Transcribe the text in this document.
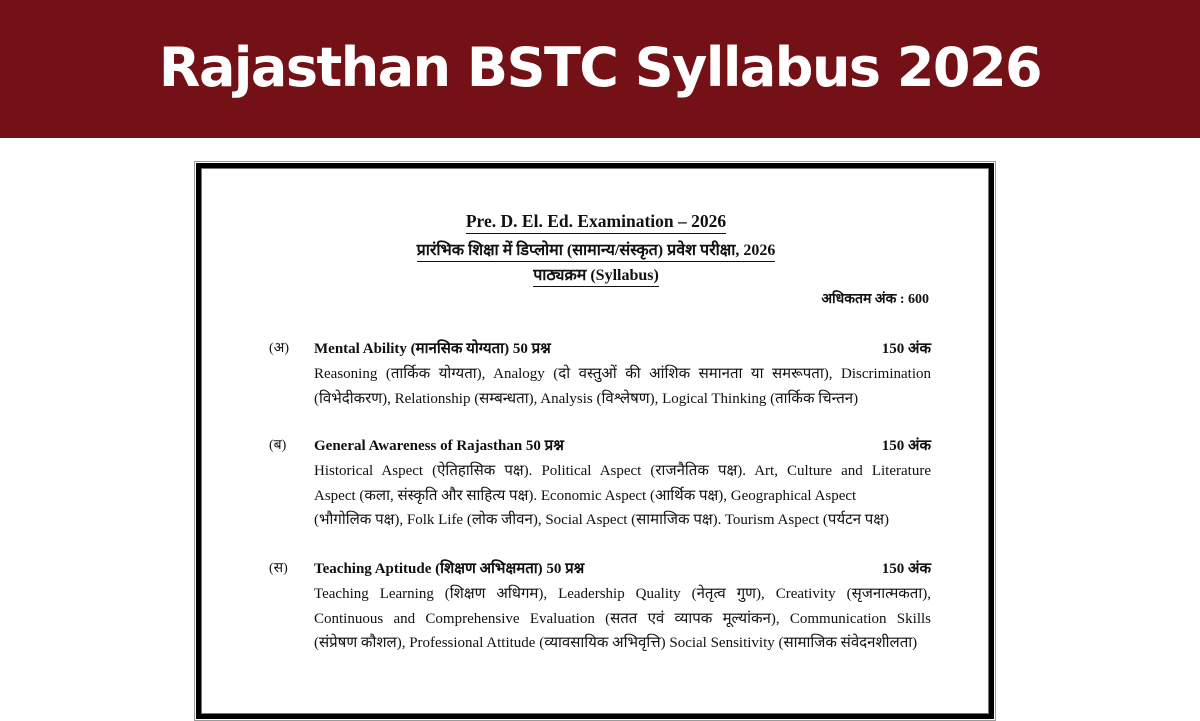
Rajasthan BSTC Syllabus 2026
Pre. D. El. Ed. Examination – 2026
प्रारंभिक शिक्षा में डिप्लोमा (सामान्य/संस्कृत) प्रवेश परीक्षा, 2026
पाठ्यक्रम (Syllabus)
अधिकतम अंक : 600
(अ) Mental Ability (मानसिक योग्यता) 50 प्रश्न	150 अंक
Reasoning (तार्किक योग्यता), Analogy (दो वस्तुओं की आंशिक समानता या समरूपता), Discrimination
(विभेदीकरण), Relationship (सम्बन्धता), Analysis (विश्लेषण), Logical Thinking (तार्किक चिन्तन)
(ब) General Awareness of Rajasthan 50 प्रश्न	150 अंक
Historical Aspect (ऐतिहासिक पक्ष). Political Aspect (राजनैतिक पक्ष). Art, Culture and Literature
Aspect (कला, संस्कृति और साहित्य पक्ष). Economic Aspect (आर्थिक पक्ष), Geographical Aspect
(भौगोलिक पक्ष), Folk Life (लोक जीवन), Social Aspect (सामाजिक पक्ष). Tourism Aspect (पर्यटन पक्ष)
(स) Teaching Aptitude (शिक्षण अभिक्षमता) 50 प्रश्न	150 अंक
Teaching Learning (शिक्षण अधिगम), Leadership Quality (नेतृत्व गुण), Creativity (सृजनात्मकता),
Continuous and Comprehensive Evaluation (सतत एवं व्यापक मूल्यांकन), Communication Skills
(संप्रेषण कौशल), Professional Attitude (व्यावसायिक अभिवृत्ति) Social Sensitivity (सामाजिक संवेदनशीलता)
